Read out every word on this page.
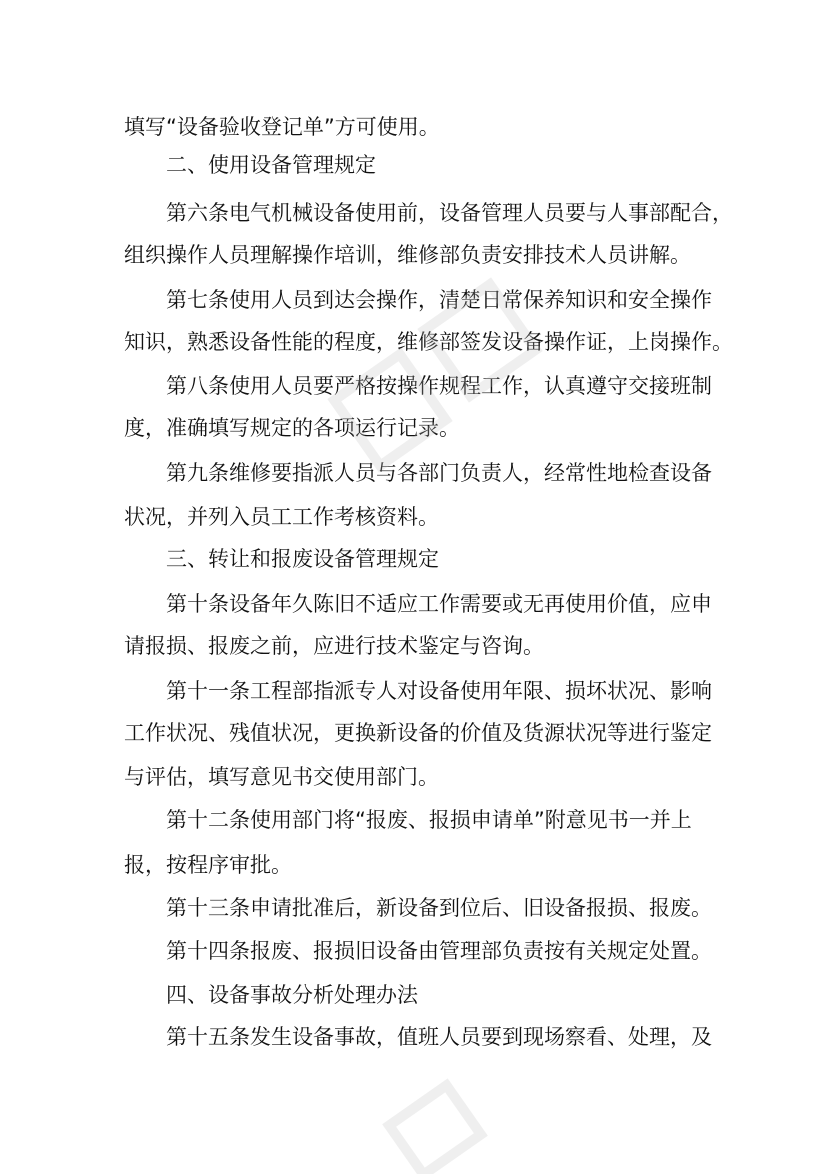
填写“设备验收登记单”方可使用。
二、使用设备管理规定
第六条电气机械设备使用前，设备管理人员要与人事部配合，
组织操作人员理解操作培训，维修部负责安排技术人员讲解。
第七条使用人员到达会操作，清楚日常保养知识和安全操作
知识，熟悉设备性能的程度，维修部签发设备操作证，上岗操作。
第八条使用人员要严格按操作规程工作，认真遵守交接班制
度，准确填写规定的各项运行记录。
第九条维修要指派人员与各部门负责人，经常性地检查设备
状况，并列入员工工作考核资料。
三、转让和报废设备管理规定
第十条设备年久陈旧不适应工作需要或无再使用价值，应申
请报损、报废之前，应进行技术鉴定与咨询。
第十一条工程部指派专人对设备使用年限、损坏状况、影响
工作状况、残值状况，更换新设备的价值及货源状况等进行鉴定
与评估，填写意见书交使用部门。
第十二条使用部门将“报废、报损申请单”附意见书一并上
报，按程序审批。
第十三条申请批准后，新设备到位后、旧设备报损、报废。
第十四条报废、报损旧设备由管理部负责按有关规定处置。
四、设备事故分析处理办法
第十五条发生设备事故，值班人员要到现场察看、处理，及
